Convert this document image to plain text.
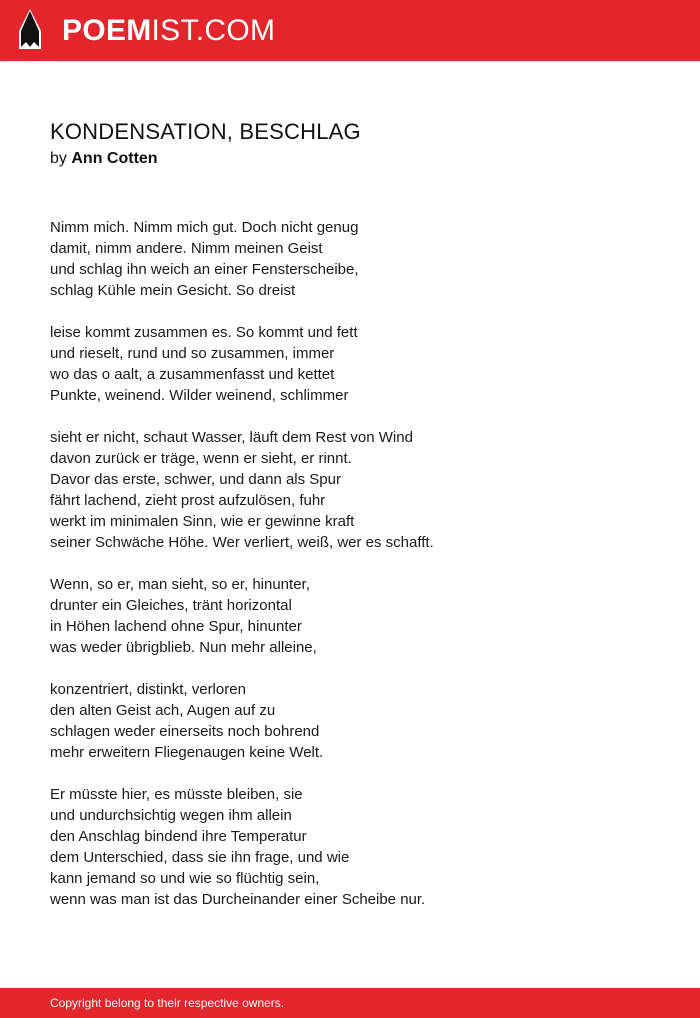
POEMIST.COM
KONDENSATION, BESCHLAG
by Ann Cotten
Nimm mich. Nimm mich gut. Doch nicht genug
damit, nimm andere. Nimm meinen Geist
und schlag ihn weich an einer Fensterscheibe,
schlag Kühle mein Gesicht. So dreist
leise kommt zusammen es. So kommt und fett
und rieselt, rund und so zusammen, immer
wo das o aalt, a zusammenfasst und kettet
Punkte, weinend. Wilder weinend, schlimmer
sieht er nicht, schaut Wasser, läuft dem Rest von Wind
davon zurück er träge, wenn er sieht, er rinnt.
Davor das erste, schwer, und dann als Spur
fährt lachend, zieht prost aufzulösen, fuhr
werkt im minimalen Sinn, wie er gewinne kraft
seiner Schwäche Höhe. Wer verliert, weiß, wer es schafft.
Wenn, so er, man sieht, so er, hinunter,
drunter ein Gleiches, tränt horizontal
in Höhen lachend ohne Spur, hinunter
was weder übrigblieb. Nun mehr alleine,
konzentriert, distinkt, verloren
den alten Geist ach, Augen auf zu
schlagen weder einerseits noch bohrend
mehr erweitern Fliegenaugen keine Welt.
Er müsste hier, es müsste bleiben, sie
und undurchsichtig wegen ihm allein
den Anschlag bindend ihre Temperatur
dem Unterschied, dass sie ihn frage, und wie
kann jemand so und wie so flüchtig sein,
wenn was man ist das Durcheinander einer Scheibe nur.
Copyright belong to their respective owners.
